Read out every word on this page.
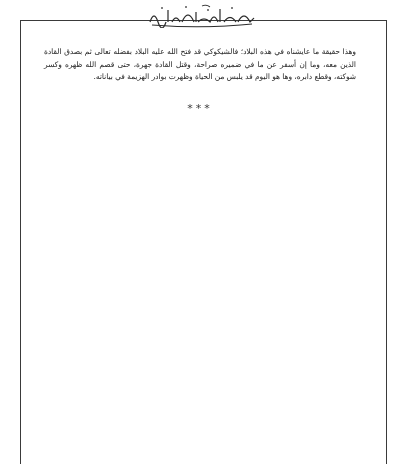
وهذا حقيقة ما عايشناه في هذه البلاد؛ فالشيكوكي قد فتح الله عليه البلاد بفضله تعالى ثم بصدق القادة الذين معه، وما إن أسفر عن ما في ضميره صراحة، وقتل القادة جهرة، حتى قصم الله ظهره وكسر شوكته، وقطع دابره، وها هو اليوم قد يلبس من الحياة وظهرت بوادر الهزيمة في بياناته.

***
